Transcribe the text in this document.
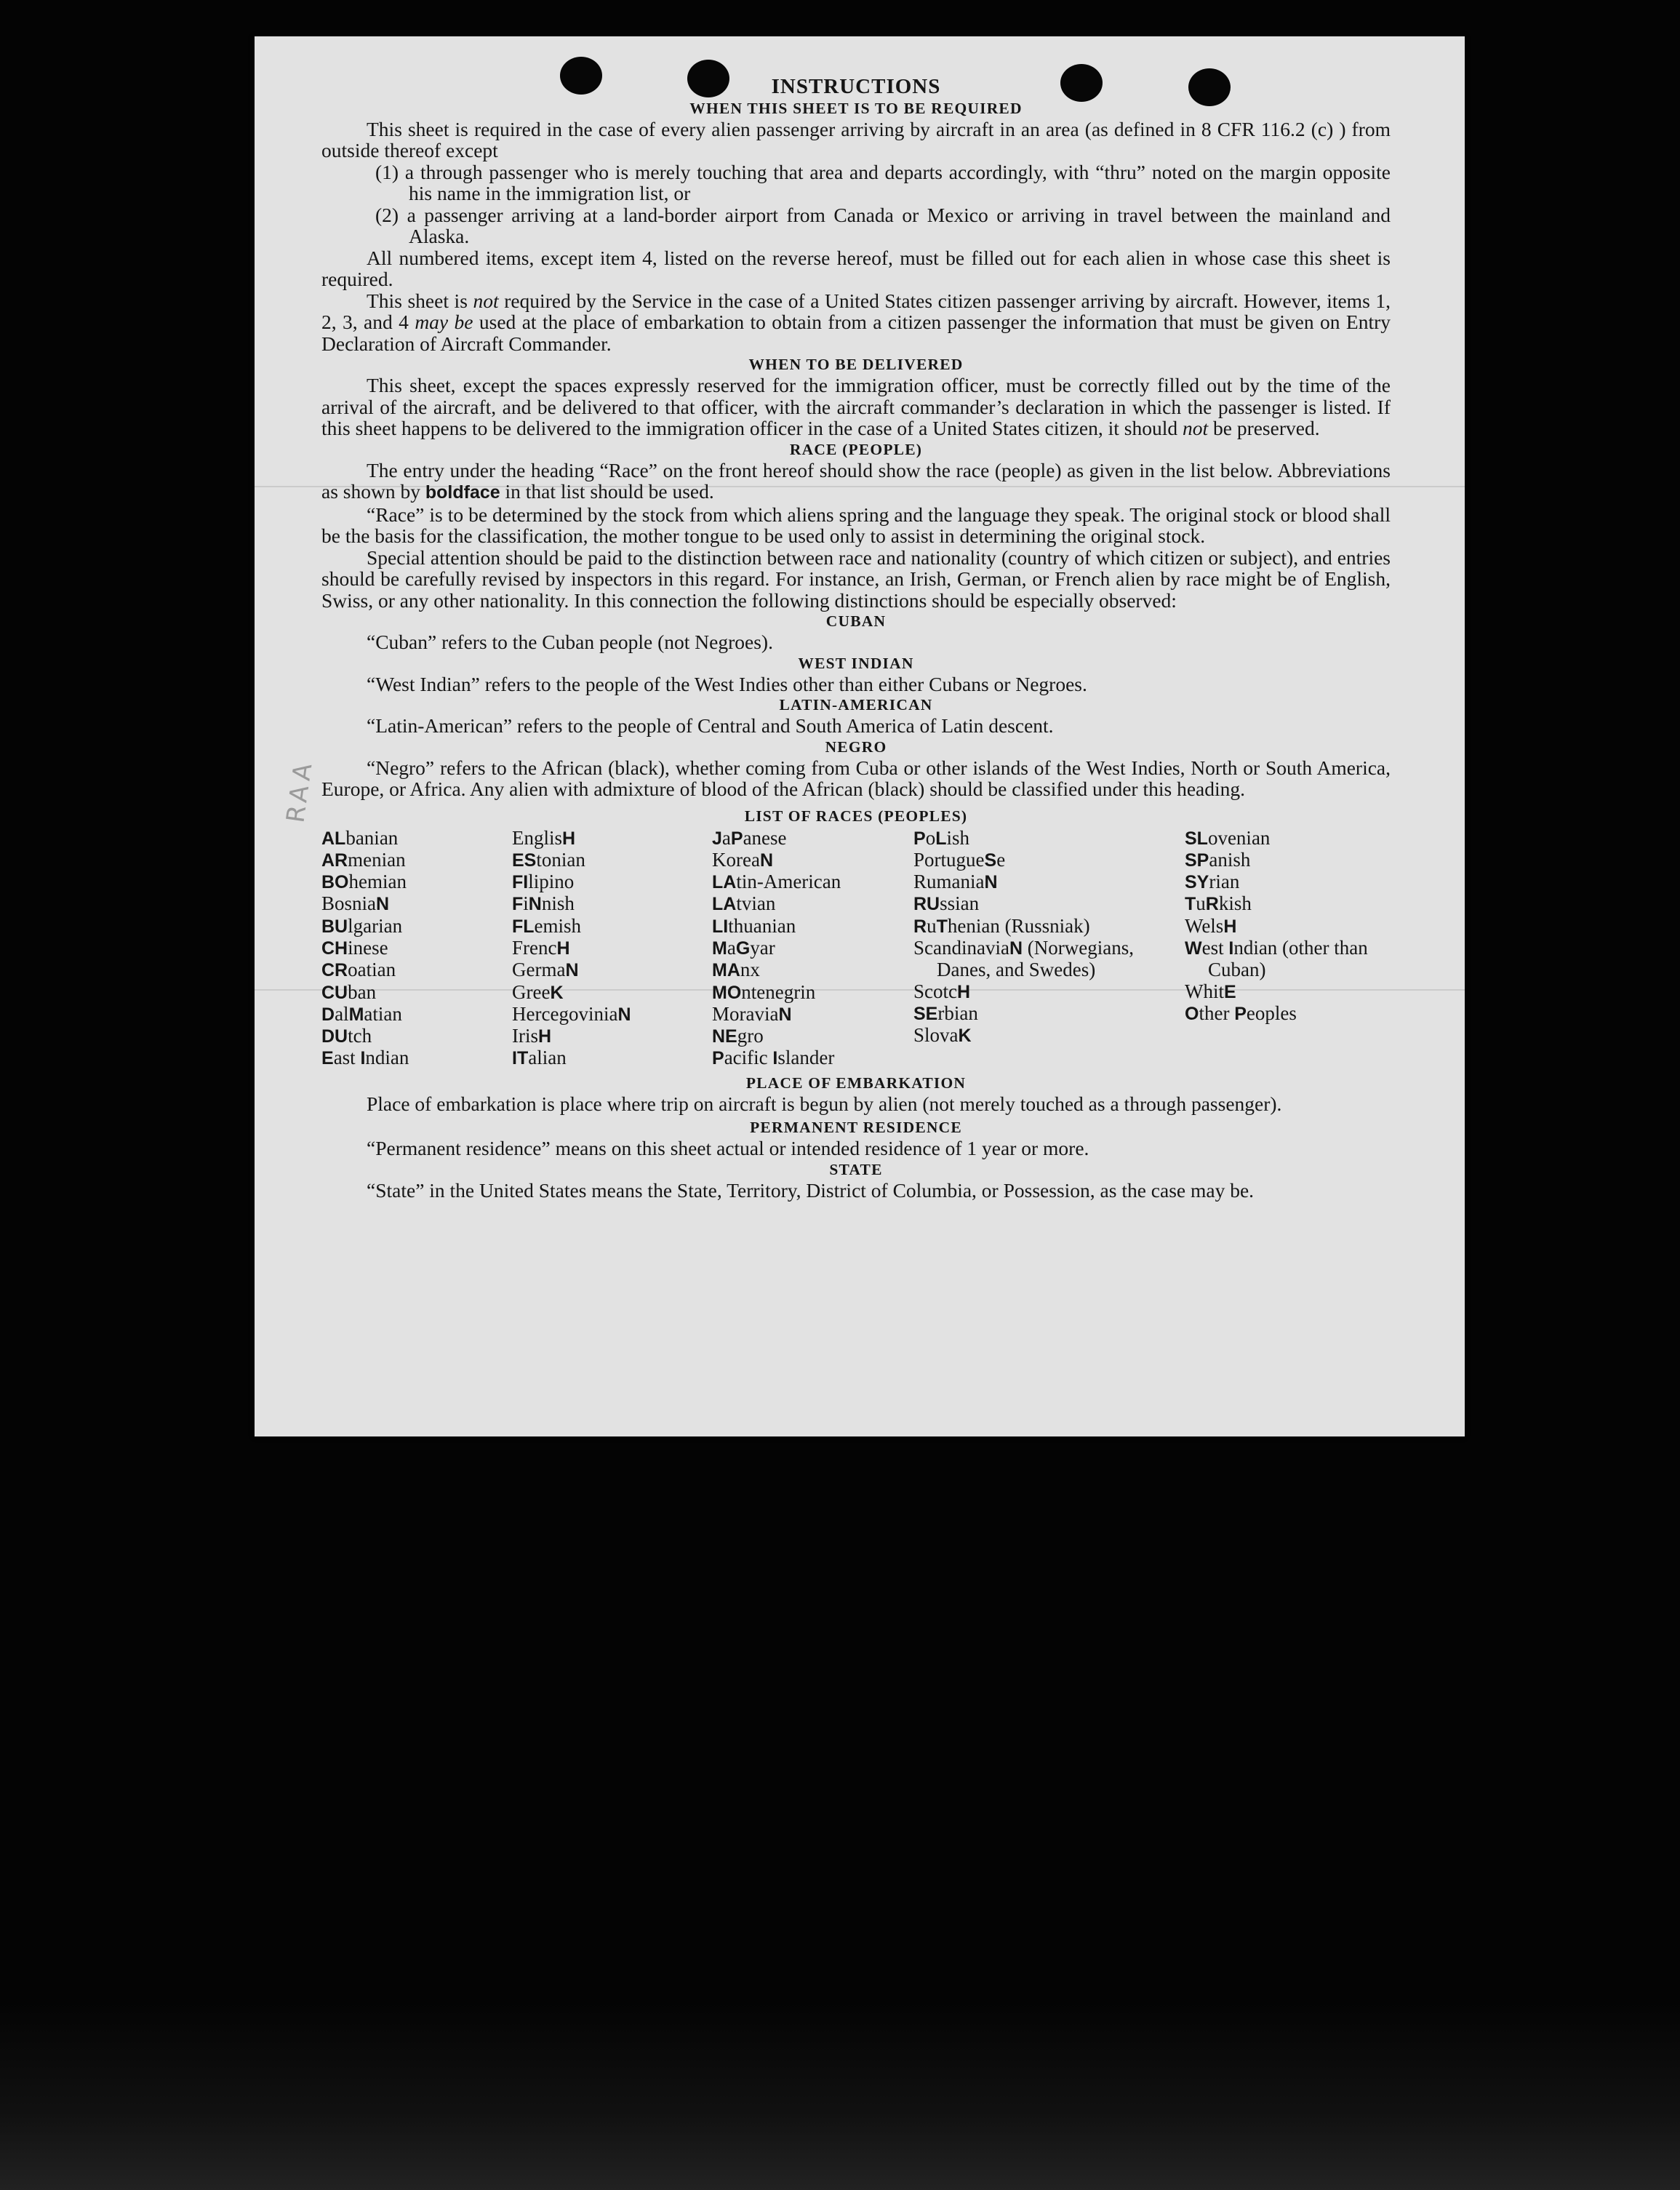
RAA
INSTRUCTIONS
WHEN THIS SHEET IS TO BE REQUIRED

This sheet is required in the case of every alien passenger arriving by aircraft in an area (as defined in 8 CFR 116.2 (c) ) from outside thereof except

(1) a through passenger who is merely touching that area and departs accordingly, with “thru” noted on the margin opposite his name in the immigration list, or

(2) a passenger arriving at a land-border airport from Canada or Mexico or arriving in travel between the mainland and Alaska.

All numbered items, except item 4, listed on the reverse hereof, must be filled out for each alien in whose case this sheet is required.

This sheet is not required by the Service in the case of a United States citizen passenger arriving by aircraft. However, items 1, 2, 3, and 4 may be used at the place of embarkation to obtain from a citizen passenger the information that must be given on Entry Declaration of Aircraft Commander.

WHEN TO BE DELIVERED

This sheet, except the spaces expressly reserved for the immigration officer, must be correctly filled out by the time of the arrival of the aircraft, and be delivered to that officer, with the aircraft commander’s declaration in which the passenger is listed. If this sheet happens to be delivered to the immigration officer in the case of a United States citizen, it should not be preserved.

RACE (PEOPLE)

The entry under the heading “Race” on the front hereof should show the race (people) as given in the list below. Abbreviations as shown by boldface in that list should be used.

“Race” is to be determined by the stock from which aliens spring and the language they speak. The original stock or blood shall be the basis for the classification, the mother tongue to be used only to assist in determining the original stock.

Special attention should be paid to the distinction between race and nationality (country of which citizen or subject), and entries should be carefully revised by inspectors in this regard. For instance, an Irish, German, or French alien by race might be of English, Swiss, or any other nationality. In this connection the following distinctions should be especially observed:

CUBAN

“Cuban” refers to the Cuban people (not Negroes).

WEST INDIAN

“West Indian” refers to the people of the West Indies other than either Cubans or Negroes.

LATIN-AMERICAN

“Latin-American” refers to the people of Central and South America of Latin descent.

NEGRO

“Negro” refers to the African (black), whether coming from Cuba or other islands of the West Indies, North or South America, Europe, or Africa. Any alien with admixture of blood of the African (black) should be classified under this heading.

LIST OF RACES (PEOPLES)
ALbanian
ARmenian
BOhemian
BosniaN
BUlgarian
CHinese
CRoatian
CUban
DalMatian
DUtch
East Indian
EnglisH
EStonian
FIlipino
FiNnish
FLemish
FrencH
GermaN
GreeK
HercegoviniaN
IrisH
ITalian
JaPanese
KoreaN
LAtin-American
LAtvian
LIthuanian
MaGyar
MAnx
MOntenegrin
MoraviaN
NEgro
Pacific Islander
PoLish
PortugueSe
RumaniaN
RUssian
RuThenian (Russniak)
ScandinaviaN (Norwegians, Danes, and Swedes)
ScotcH
SErbian
SlovaK
SLovenian
SPanish
SYrian
TuRkish
WelsH
West Indian (other than Cuban)
WhitE
Other Peoples
PLACE OF EMBARKATION

Place of embarkation is place where trip on aircraft is begun by alien (not merely touched as a through passenger).

PERMANENT RESIDENCE

“Permanent residence” means on this sheet actual or intended residence of 1 year or more.

STATE

“State” in the United States means the State, Territory, District of Columbia, or Possession, as the case may be.
